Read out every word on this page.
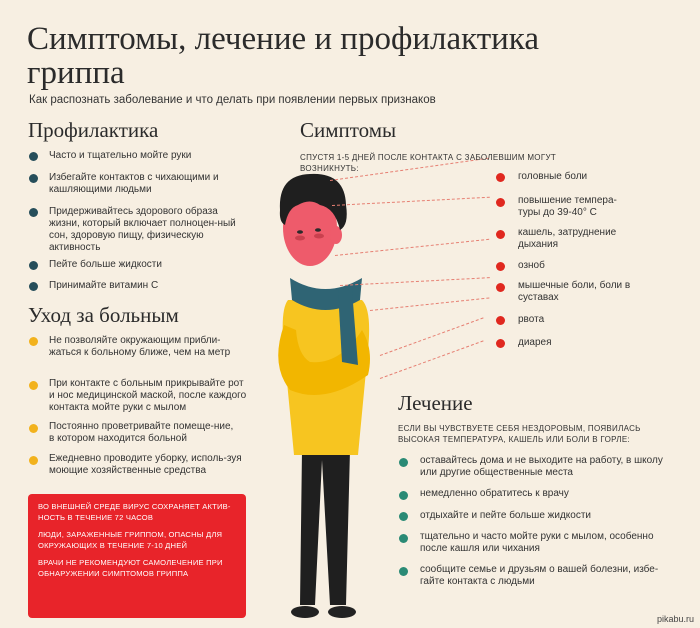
Симптомы, лечение и профилактика гриппа
Как распознать заболевание и что делать при появлении первых признаков
Профилактика
Часто и тщательно мойте руки
Избегайте контактов с чихающими и кашляющими людьми
Придерживайтесь здорового образа жизни, который включает полноцен-ный сон, здоровую пищу, физическую активность
Пейте больше жидкости
Принимайте витамин С
Уход за больным
Не позволяйте окружающим прибли-жаться к больному ближе, чем на метр
При контакте с больным прикрывайте рот и нос медицинской маской, после каждого контакта мойте руки с мылом
Постоянно проветривайте помеще-ние, в котором находится больной
Ежедневно проводите уборку, исполь-зуя моющие хозяйственные средства

ВО ВНЕШНЕЙ СРЕДЕ ВИРУС СОХРАНЯЕТ АКТИВ-НОСТЬ В ТЕЧЕНИЕ 72 ЧАСОВ

ЛЮДИ, ЗАРАЖЕННЫЕ ГРИППОМ, ОПАСНЫ ДЛЯ ОКРУЖАЮЩИХ В ТЕЧЕНИЕ 7-10 ДНЕЙ

ВРАЧИ НЕ РЕКОМЕНДУЮТ САМОЛЕЧЕНИЕ ПРИ ОБНАРУЖЕНИИ СИМПТОМОВ ГРИППА

Симптомы
СПУСТЯ 1-5 ДНЕЙ ПОСЛЕ КОНТАКТА С ЗАБОЛЕВШИМ МОГУТ ВОЗНИКНУТЬ:
головные боли
повышение темпера-туры до 39-40° С
кашель, затруднение дыхания
озноб
мышечные боли, боли в суставах
рвота
диарея
Лечение
ЕСЛИ ВЫ ЧУВСТВУЕТЕ СЕБЯ НЕЗДОРОВЫМ, ПОЯВИЛАСЬ ВЫСОКАЯ ТЕМПЕРАТУРА, КАШЕЛЬ ИЛИ БОЛИ В ГОРЛЕ:
оставайтесь дома и не выходите на работу, в школу или другие общественные места
немедленно обратитесь к врачу
отдыхайте и пейте больше жидкости
тщательно и часто мойте руки с мылом, особенно после кашля или чихания
сообщите семье и друзьям о вашей болезни, избе-гайте контакта с людьми
pikabu.ru
